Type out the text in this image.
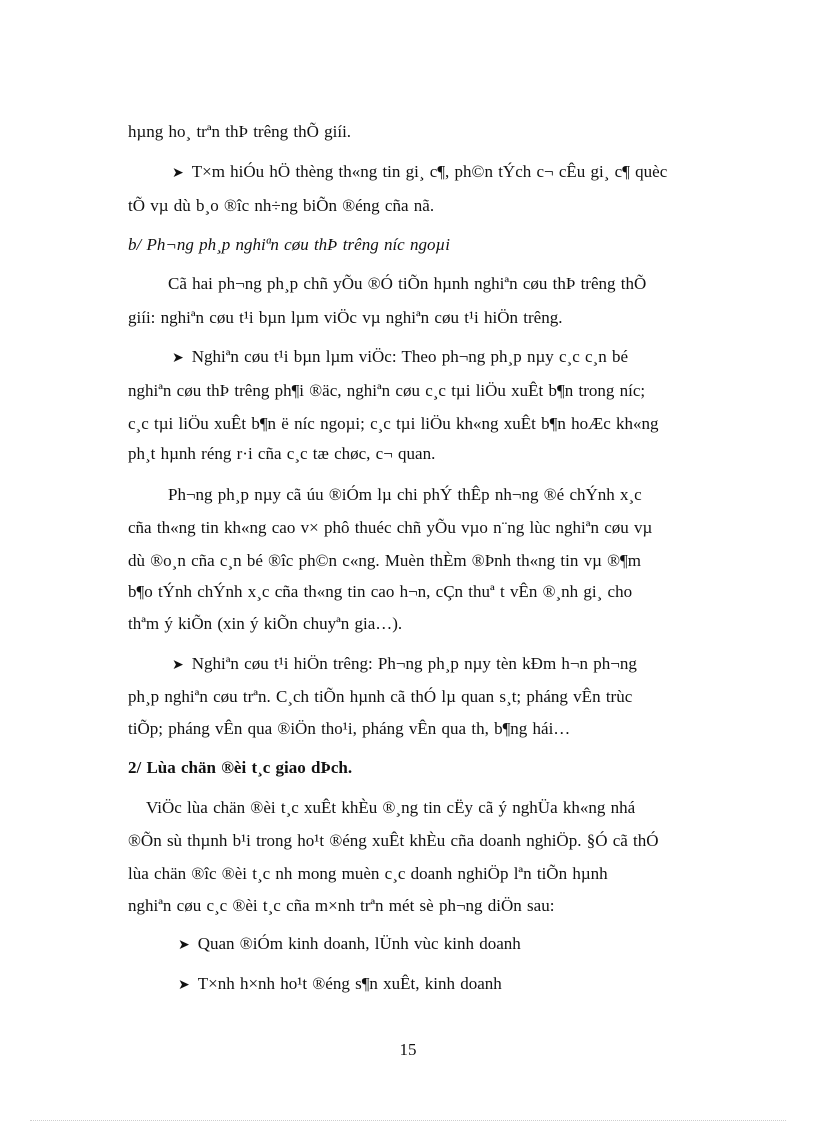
hµng ho¸ trªn thÞ trêng thÕ giíi.
➤ T×m hiÓu hÖ thèng th«ng tin gi¸ c¶, ph©n tÝch c¬ cÊu gi¸ c¶ quèc
tÕ vµ dù b¸o ®îc nh÷ng biÕn ®éng cña nã.
b/ Ph¬ng ph¸p nghiªn cøu thÞ trêng níc ngoµi
Cã hai ph¬ng ph¸p chñ yÕu ®Ó tiÕn hµnh nghiªn cøu thÞ trêng thÕ
giíi: nghiªn cøu t¹i bµn lµm viÖc vµ nghiªn cøu t¹i hiÖn trêng.
➤ Nghiªn cøu t¹i bµn lµm viÖc: Theo ph¬ng ph¸p nµy c¸c c¸n bé
nghiªn cøu thÞ trêng ph¶i ®äc, nghiªn cøu c¸c tµi liÖu xuÊt b¶n trong níc;
c¸c tµi liÖu xuÊt b¶n ë níc ngoµi; c¸c tµi liÖu kh«ng xuÊt b¶n hoÆc kh«ng
ph¸t hµnh réng r·i cña c¸c tæ chøc, c¬ quan.
Ph¬ng ph¸p nµy cã úu ®iÓm lµ chi phÝ thÊp nh¬ng ®é chÝnh x¸c
cña th«ng tin kh«ng cao v× phô thuéc chñ yÕu vµo n¨ng lùc nghiªn cøu vµ
dù ®o¸n cña c¸n bé ®îc ph©n c«ng. Muèn thÈm ®Þnh th«ng tin vµ ®¶m
b¶o tÝnh chÝnh x¸c cña th«ng tin cao h¬n, cÇn thuª t vÊn ®¸nh gi¸ cho
thªm ý kiÕn (xin ý kiÕn chuyªn gia…).
➤ Nghiªn cøu t¹i hiÖn trêng: Ph¬ng ph¸p nµy tèn kÐm h¬n ph¬ng
ph¸p nghiªn cøu trªn. C¸ch tiÕn hµnh cã thÓ lµ quan s¸t; pháng vÊn trùc
tiÕp; pháng vÊn qua ®iÖn tho¹i, pháng vÊn qua th, b¶ng hái…
2/ Lùa chän ®èi t¸c giao dÞch.
ViÖc lùa chän ®èi t¸c xuÊt khÈu ®¸ng tin cËy cã ý nghÜa kh«ng nhá
®Õn sù thµnh b¹i trong ho¹t ®éng xuÊt khÈu cña doanh nghiÖp. §Ó cã thÓ
lùa chän ®îc ®èi t¸c nh mong muèn c¸c doanh nghiÖp lªn tiÕn hµnh
nghiªn cøu c¸c ®èi t¸c cña m×nh trªn mét sè ph¬ng diÖn sau:
➤ Quan ®iÓm kinh doanh, lÜnh vùc kinh doanh
➤ T×nh h×nh ho¹t ®éng s¶n xuÊt, kinh doanh
15
